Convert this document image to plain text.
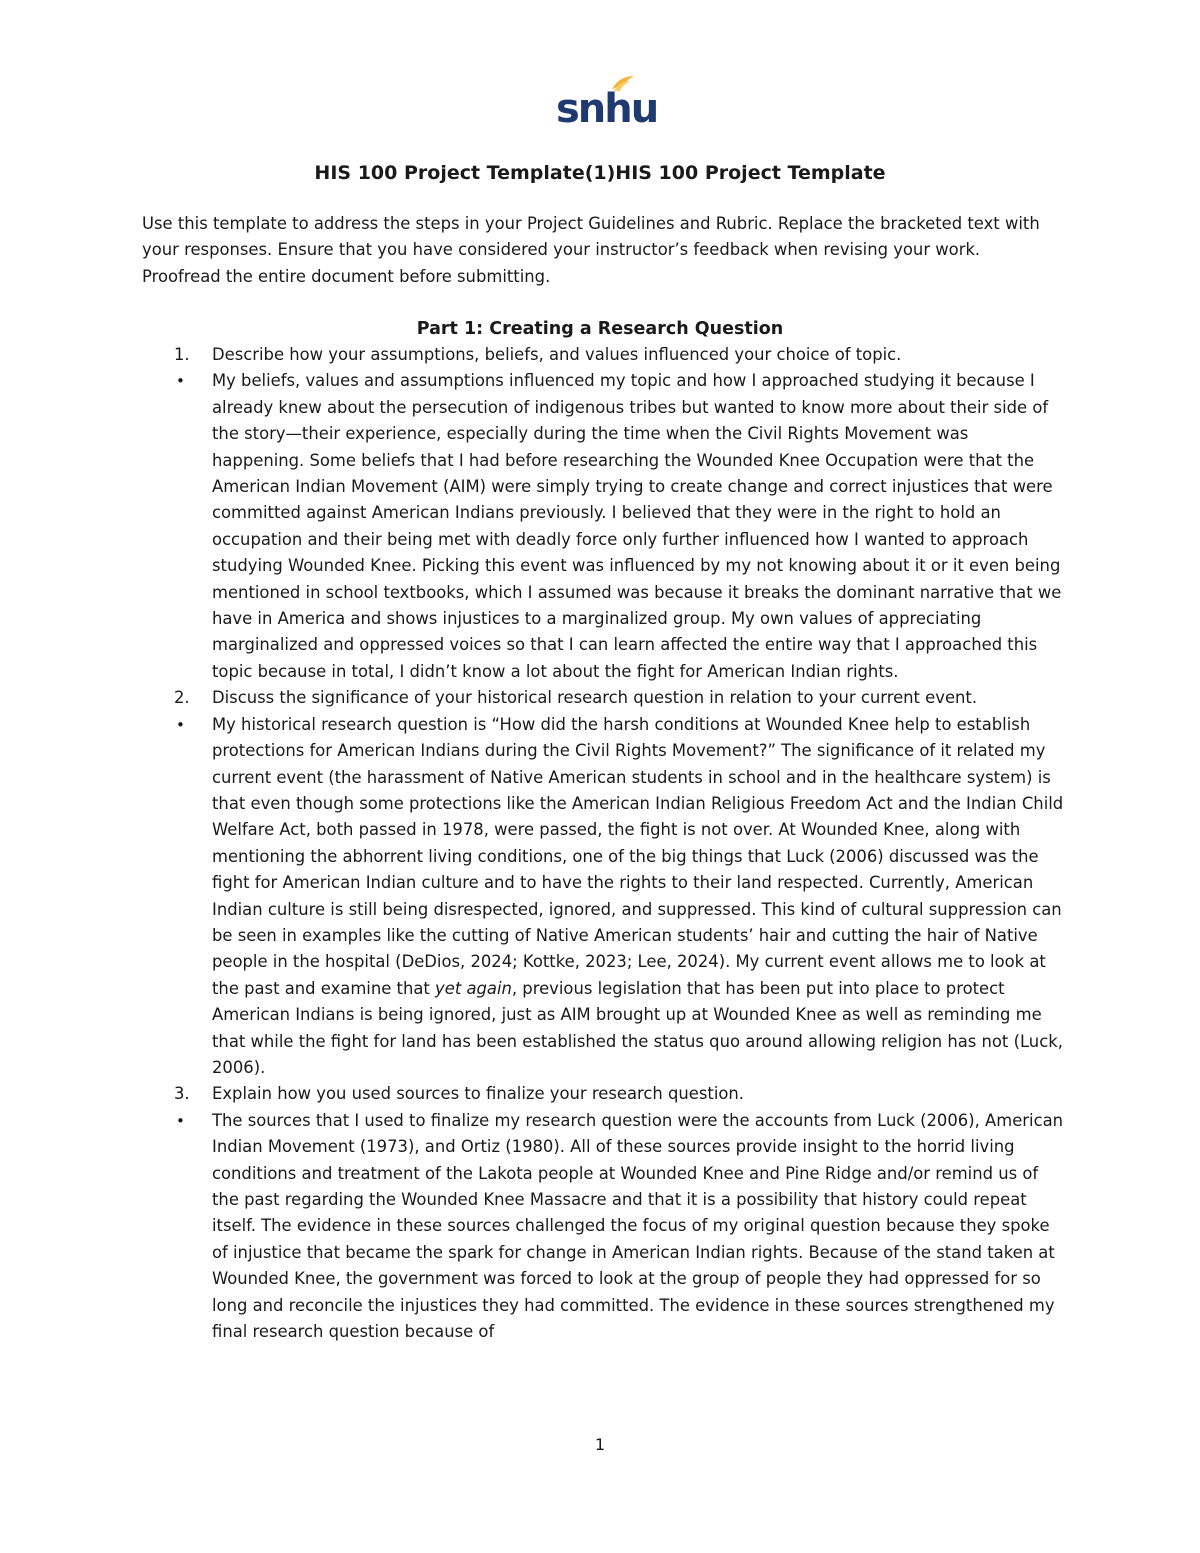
snhu
HIS 100 Project Template(1)HIS 100 Project Template
Use this template to address the steps in your Project Guidelines and Rubric. Replace the bracketed text with your responses. Ensure that you have considered your instructor’s feedback when revising your work. Proofread the entire document before submitting.
Part 1: Creating a Research Question
1.	Describe how your assumptions, beliefs, and values influenced your choice of topic.
•	My beliefs, values and assumptions influenced my topic and how I approached studying it because I already knew about the persecution of indigenous tribes but wanted to know more about their side of the story—their experience, especially during the time when the Civil Rights Movement was happening. Some beliefs that I had before researching the Wounded Knee Occupation were that the American Indian Movement (AIM) were simply trying to create change and correct injustices that were committed against American Indians previously. I believed that they were in the right to hold an occupation and their being met with deadly force only further influenced how I wanted to approach studying Wounded Knee. Picking this event was influenced by my not knowing about it or it even being mentioned in school textbooks, which I assumed was because it breaks the dominant narrative that we have in America and shows injustices to a marginalized group. My own values of appreciating marginalized and oppressed voices so that I can learn affected the entire way that I approached this topic because in total, I didn’t know a lot about the fight for American Indian rights.
2.	Discuss the significance of your historical research question in relation to your current event.
•	My historical research question is “How did the harsh conditions at Wounded Knee help to establish protections for American Indians during the Civil Rights Movement?” The significance of it related my current event (the harassment of Native American students in school and in the healthcare system) is that even though some protections like the American Indian Religious Freedom Act and the Indian Child Welfare Act, both passed in 1978, were passed, the fight is not over. At Wounded Knee, along with mentioning the abhorrent living conditions, one of the big things that Luck (2006) discussed was the fight for American Indian culture and to have the rights to their land respected. Currently, American Indian culture is still being disrespected, ignored, and suppressed. This kind of cultural suppression can be seen in examples like the cutting of Native American students’ hair and cutting the hair of Native people in the hospital (DeDios, 2024; Kottke, 2023; Lee, 2024). My current event allows me to look at the past and examine that yet again, previous legislation that has been put into place to protect American Indians is being ignored, just as AIM brought up at Wounded Knee as well as reminding me that while the fight for land has been established the status quo around allowing religion has not (Luck, 2006).
3.	Explain how you used sources to finalize your research question.
•	The sources that I used to finalize my research question were the accounts from Luck (2006), American Indian Movement (1973), and Ortiz (1980). All of these sources provide insight to the horrid living conditions and treatment of the Lakota people at Wounded Knee and Pine Ridge and/or remind us of the past regarding the Wounded Knee Massacre and that it is a possibility that history could repeat itself. The evidence in these sources challenged the focus of my original question because they spoke of injustice that became the spark for change in American Indian rights. Because of the stand taken at Wounded Knee, the government was forced to look at the group of people they had oppressed for so long and reconcile the injustices they had committed. The evidence in these sources strengthened my final research question because of
1
